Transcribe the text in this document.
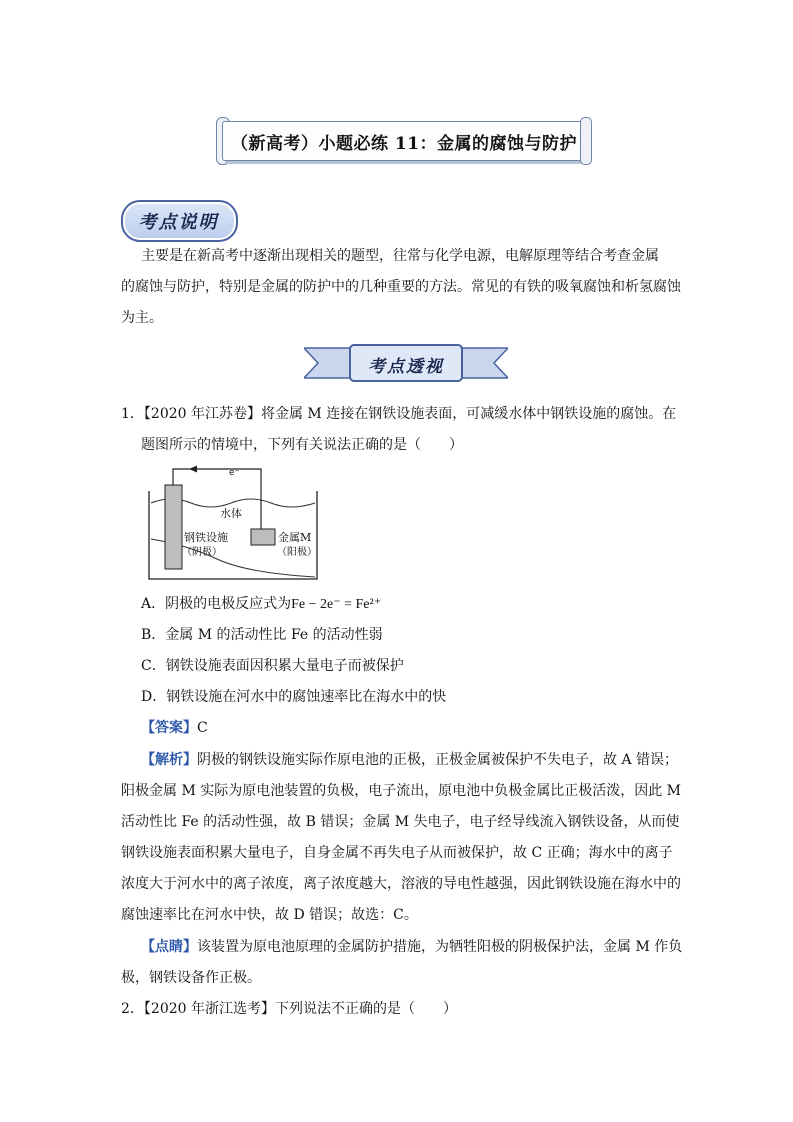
（新高考）小题必练 11：金属的腐蚀与防护
考点说明
主要是在新高考中逐渐出现相关的题型，往常与化学电源，电解原理等结合考查金属
的腐蚀与防护，特别是金属的防护中的几种重要的方法。常见的有铁的吸氧腐蚀和析氢腐蚀
为主。
考点透视
1．【2020 年江苏卷】将金属 M 连接在钢铁设施表面，可减缓水体中钢铁设施的腐蚀。在
题图所示的情境中，下列有关说法正确的是（　　）
e⁻
水体
钢铁设施
（阴极）
金属M
（阳极）
A．阴极的电极反应式为Fe − 2e⁻ = Fe²⁺
B．金属 M 的活动性比 Fe 的活动性弱
C．钢铁设施表面因积累大量电子而被保护
D．钢铁设施在河水中的腐蚀速率比在海水中的快
【答案】C
【解析】阴极的钢铁设施实际作原电池的正极，正极金属被保护不失电子，故 A 错误；
阳极金属 M 实际为原电池装置的负极，电子流出，原电池中负极金属比正极活泼，因此 M
活动性比 Fe 的活动性强，故 B 错误；金属 M 失电子，电子经导线流入钢铁设备，从而使
钢铁设施表面积累大量电子，自身金属不再失电子从而被保护，故 C 正确；海水中的离子
浓度大于河水中的离子浓度，离子浓度越大，溶液的导电性越强，因此钢铁设施在海水中的
腐蚀速率比在河水中快，故 D 错误；故选：C。
【点睛】该装置为原电池原理的金属防护措施，为牺牲阳极的阴极保护法，金属 M 作负
极，钢铁设备作正极。
2．【2020 年浙江选考】下列说法不正确的是（　　）
